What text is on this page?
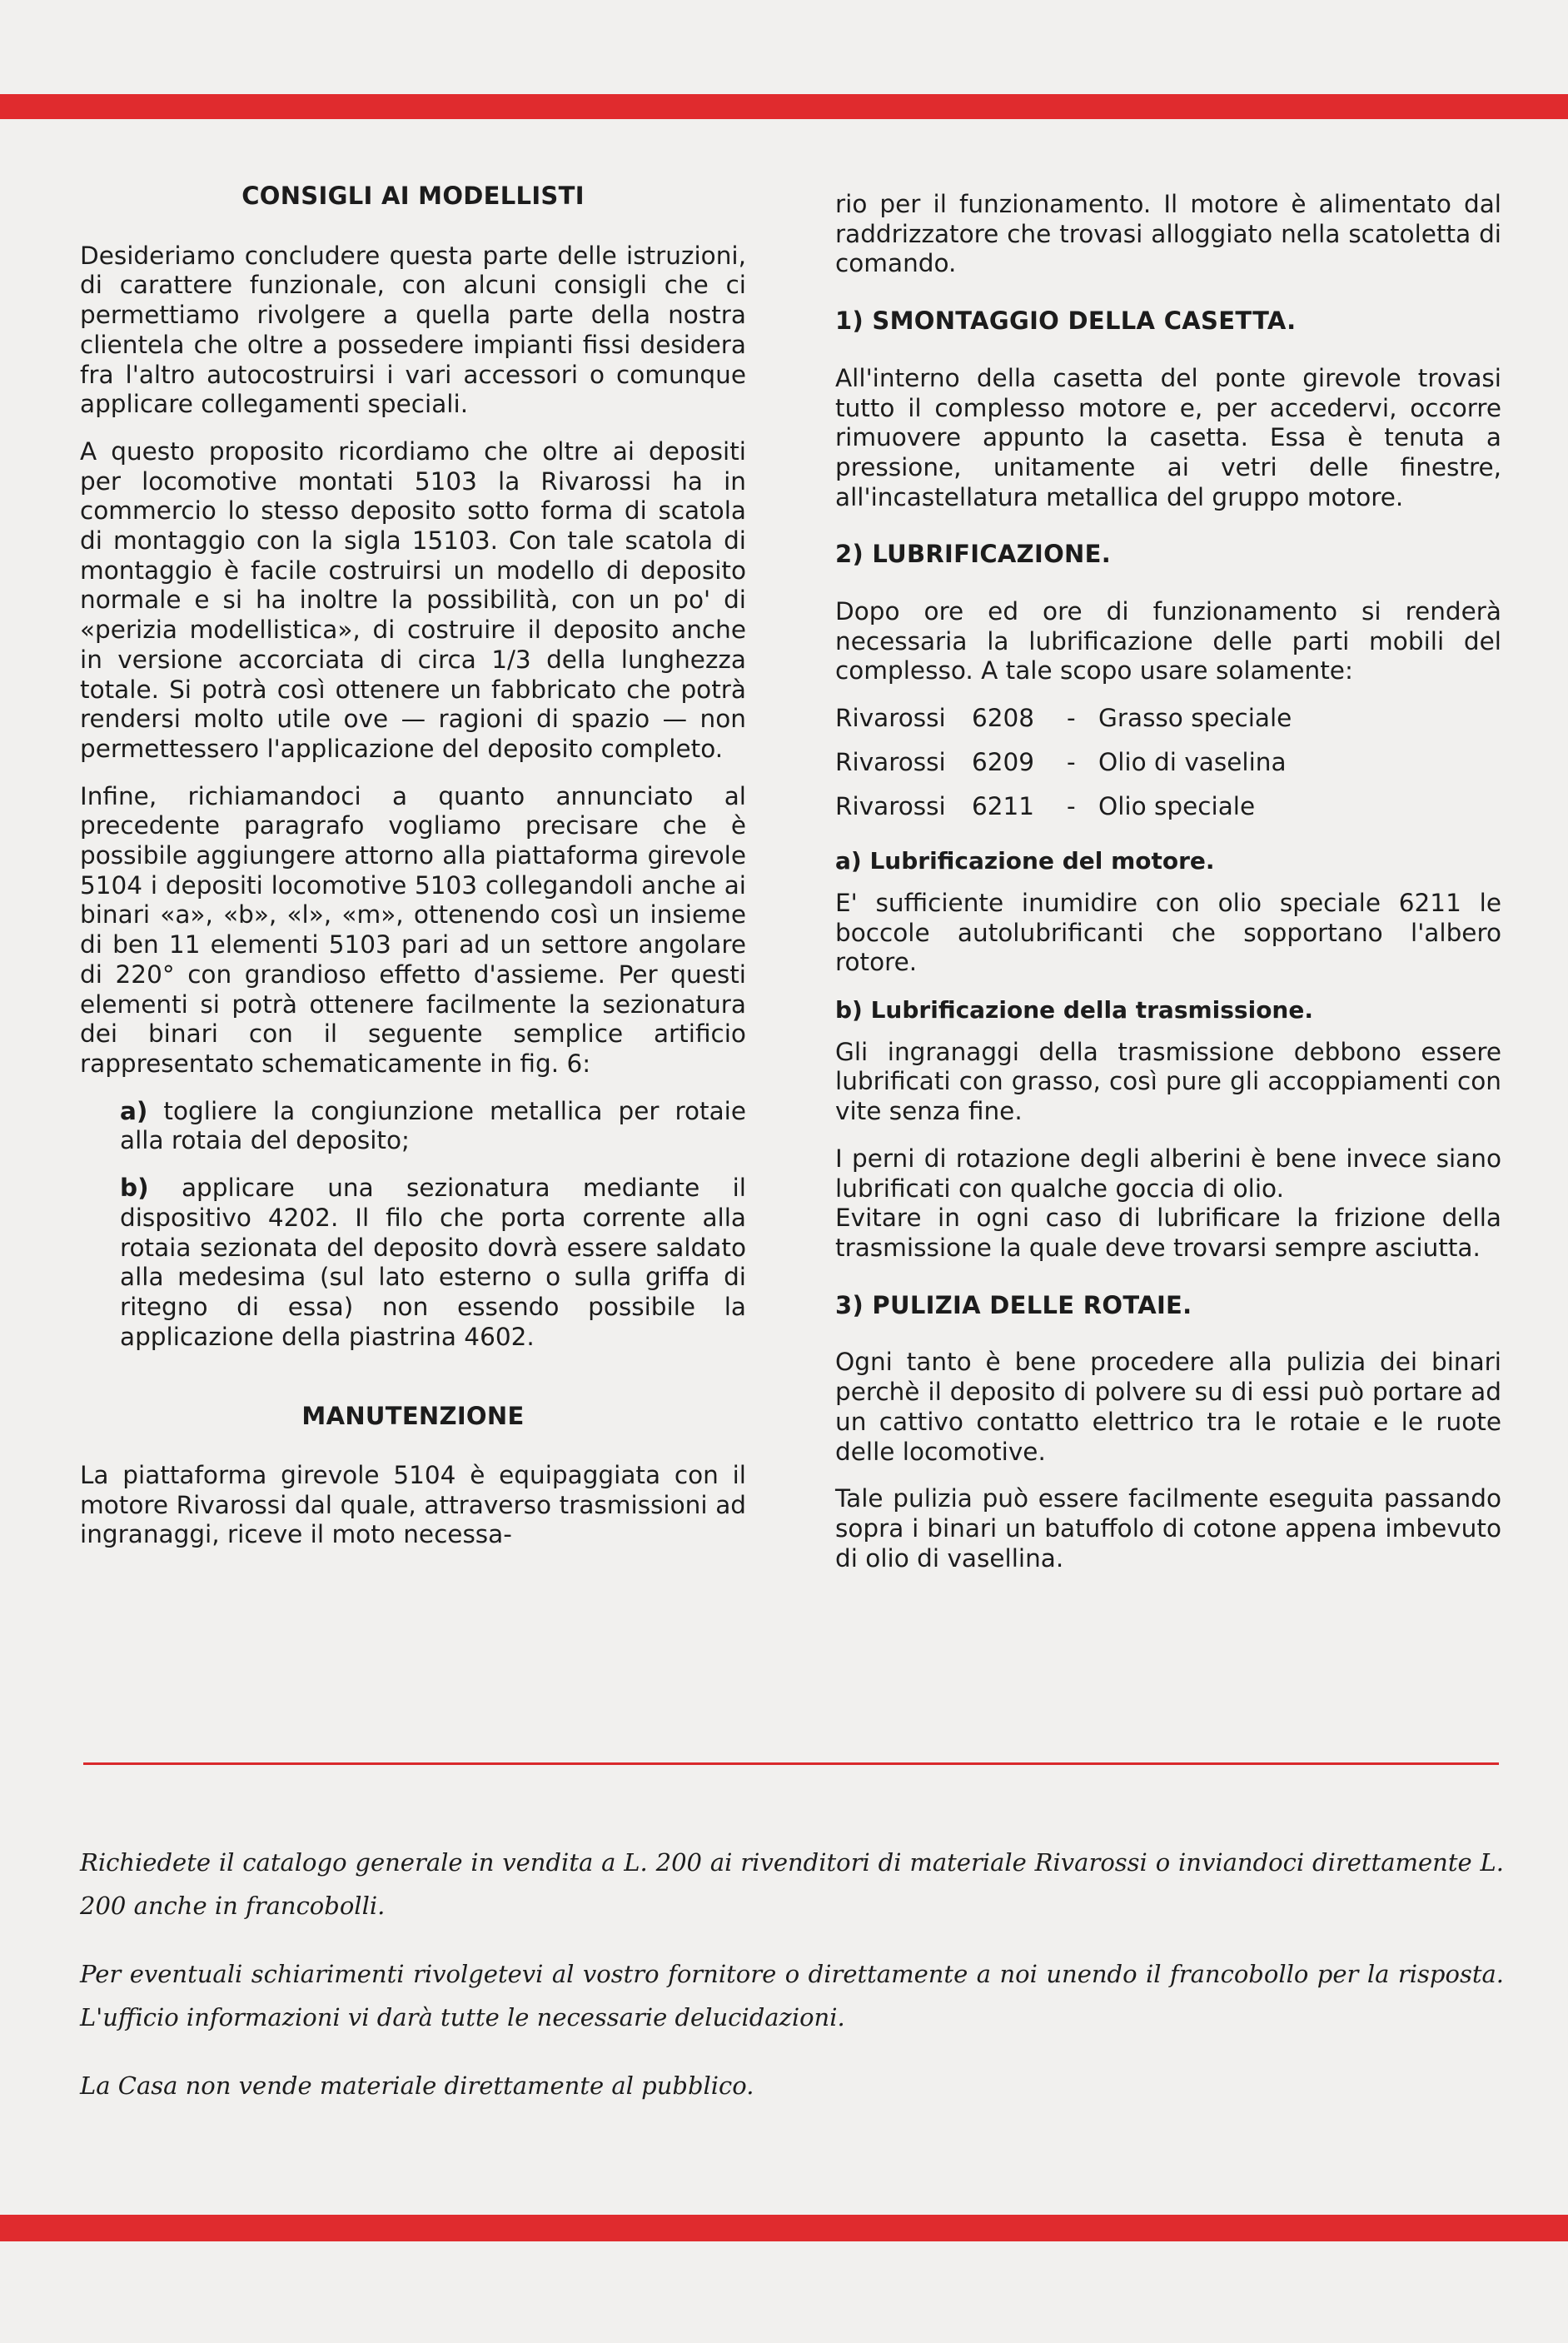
CONSIGLI AI MODELLISTI

Desideriamo concludere questa parte delle istruzioni, di carattere funzionale, con alcuni consigli che ci permettiamo rivolgere a quella parte della nostra clientela che oltre a possedere impianti fissi desidera fra l'altro autocostruirsi i vari accessori o comunque applicare collegamenti speciali.

A questo proposito ricordiamo che oltre ai depositi per locomotive montati 5103 la Rivarossi ha in commercio lo stesso deposito sotto forma di scatola di montaggio con la sigla 15103. Con tale scatola di montaggio è facile costruirsi un modello di deposito normale e si ha inoltre la possibilità, con un po' di «perizia modellistica», di costruire il deposito anche in versione accorciata di circa 1/3 della lunghezza totale. Si potrà così ottenere un fabbricato che potrà rendersi molto utile ove — ragioni di spazio — non permettessero l'applicazione del deposito completo.

Infine, richiamandoci a quanto annunciato al precedente paragrafo vogliamo precisare che è possibile aggiungere attorno alla piattaforma girevole 5104 i depositi locomotive 5103 collegandoli anche ai binari «a», «b», «l», «m», ottenendo così un insieme di ben 11 elementi 5103 pari ad un settore angolare di 220° con grandioso effetto d'assieme. Per questi elementi si potrà ottenere facilmente la sezionatura dei binari con il seguente semplice artificio rappresentato schematicamente in fig. 6:

a) togliere la congiunzione metallica per rotaie alla rotaia del deposito;

b) applicare una sezionatura mediante il dispositivo 4202. Il filo che porta corrente alla rotaia sezionata del deposito dovrà essere saldato alla medesima (sul lato esterno o sulla griffa di ritegno di essa) non essendo possibile la applicazione della piastrina 4602.

MANUTENZIONE

La piattaforma girevole 5104 è equipaggiata con il motore Rivarossi dal quale, attraverso trasmissioni ad ingranaggi, riceve il moto necessa-

rio per il funzionamento. Il motore è alimentato dal raddrizzatore che trovasi alloggiato nella scatoletta di comando.

1) SMONTAGGIO DELLA CASETTA.

All'interno della casetta del ponte girevole trovasi tutto il complesso motore e, per accedervi, occorre rimuovere appunto la casetta. Essa è tenuta a pressione, unitamente ai vetri delle finestre, all'incastellatura metallica del gruppo motore.

2) LUBRIFICAZIONE.

Dopo ore ed ore di funzionamento si renderà necessaria la lubrificazione delle parti mobili del complesso. A tale scopo usare solamente:

Rivarossi	6208	- Grasso speciale
Rivarossi	6209	- Olio di vaselina
Rivarossi	6211	- Olio speciale
a) Lubrificazione del motore.

E' sufficiente inumidire con olio speciale 6211 le boccole autolubrificanti che sopportano l'albero rotore.

b) Lubrificazione della trasmissione.

Gli ingranaggi della trasmissione debbono essere lubrificati con grasso, così pure gli accoppiamenti con vite senza fine.

I perni di rotazione degli alberini è bene invece siano lubrificati con qualche goccia di olio.

Evitare in ogni caso di lubrificare la frizione della trasmissione la quale deve trovarsi sempre asciutta.

3) PULIZIA DELLE ROTAIE.

Ogni tanto è bene procedere alla pulizia dei binari perchè il deposito di polvere su di essi può portare ad un cattivo contatto elettrico tra le rotaie e le ruote delle locomotive.

Tale pulizia può essere facilmente eseguita passando sopra i binari un batuffolo di cotone appena imbevuto di olio di vasellina.

Richiedete il catalogo generale in vendita a L. 200 ai rivenditori di materiale Rivarossi o inviandoci direttamente L. 200 anche in francobolli.

Per eventuali schiarimenti rivolgetevi al vostro fornitore o direttamente a noi unendo il francobollo per la risposta. L'ufficio informazioni vi darà tutte le necessarie delucidazioni.

La Casa non vende materiale direttamente al pubblico.
